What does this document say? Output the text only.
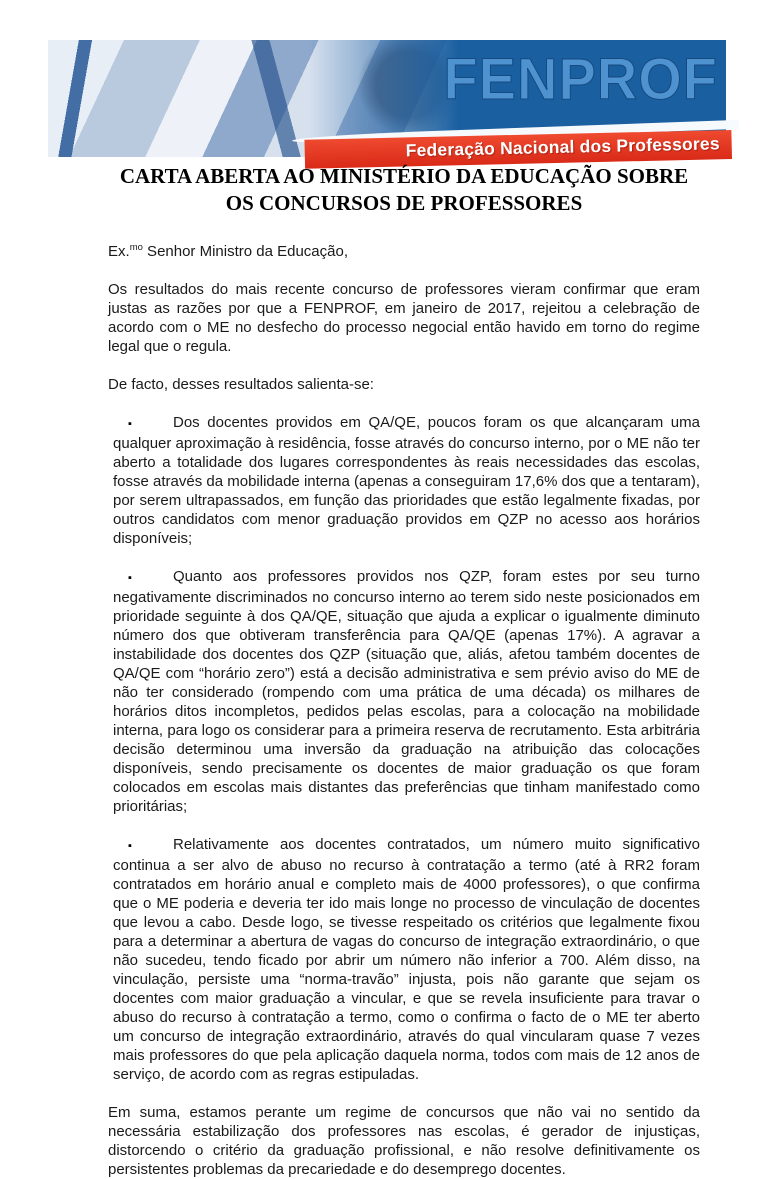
FENPROF
Federação Nacional dos Professores
CARTA ABERTA AO MINISTÉRIO DA EDUCAÇÃO SOBRE OS CONCURSOS DE PROFESSORES

Ex.$^{mo}$ Senhor Ministro da Educação,

Os resultados do mais recente concurso de professores vieram confirmar que eram justas as razões por que a FENPROF, em janeiro de 2017, rejeitou a celebração de acordo com o ME no desfecho do processo negocial então havido em torno do regime legal que o regula.

De facto, desses resultados salienta-se:

▪	Dos docentes providos em QA/QE, poucos foram os que alcançaram uma qualquer aproximação à residência, fosse através do concurso interno, por o ME não ter aberto a totalidade dos lugares correspondentes às reais necessidades das escolas, fosse através da mobilidade interna (apenas a conseguiram 17,6% dos que a tentaram), por serem ultrapassados, em função das prioridades que estão legalmente fixadas, por outros candidatos com menor graduação providos em QZP no acesso aos horários disponíveis;

▪	Quanto aos professores providos nos QZP, foram estes por seu turno negativamente discriminados no concurso interno ao terem sido neste posicionados em prioridade seguinte à dos QA/QE, situação que ajuda a explicar o igualmente diminuto número dos que obtiveram transferência para QA/QE (apenas 17%). A agravar a instabilidade dos docentes dos QZP (situação que, aliás, afetou também docentes de QA/QE com “horário zero”) está a decisão administrativa e sem prévio aviso do ME de não ter considerado (rompendo com uma prática de uma década) os milhares de horários ditos incompletos, pedidos pelas escolas, para a colocação na mobilidade interna, para logo os considerar para a primeira reserva de recrutamento. Esta arbitrária decisão determinou uma inversão da graduação na atribuição das colocações disponíveis, sendo precisamente os docentes de maior graduação os que foram colocados em escolas mais distantes das preferências que tinham manifestado como prioritárias;

▪	Relativamente aos docentes contratados, um número muito significativo continua a ser alvo de abuso no recurso à contratação a termo (até à RR2 foram contratados em horário anual e completo mais de 4000 professores), o que confirma que o ME poderia e deveria ter ido mais longe no processo de vinculação de docentes que levou a cabo. Desde logo, se tivesse respeitado os critérios que legalmente fixou para a determinar a abertura de vagas do concurso de integração extraordinário, o que não sucedeu, tendo ficado por abrir um número não inferior a 700. Além disso, na vinculação, persiste uma “norma-travão” injusta, pois não garante que sejam os docentes com maior graduação a vincular, e que se revela insuficiente para travar o abuso do recurso à contratação a termo, como o confirma o facto de o ME ter aberto um concurso de integração extraordinário, através do qual vincularam quase 7 vezes mais professores do que pela aplicação daquela norma, todos com mais de 12 anos de serviço, de acordo com as regras estipuladas.

Em suma, estamos perante um regime de concursos que não vai no sentido da necessária estabilização dos professores nas escolas, é gerador de injustiças, distorcendo o critério da graduação profissional, e não resolve definitivamente os persistentes problemas da precariedade e do desemprego docentes.
